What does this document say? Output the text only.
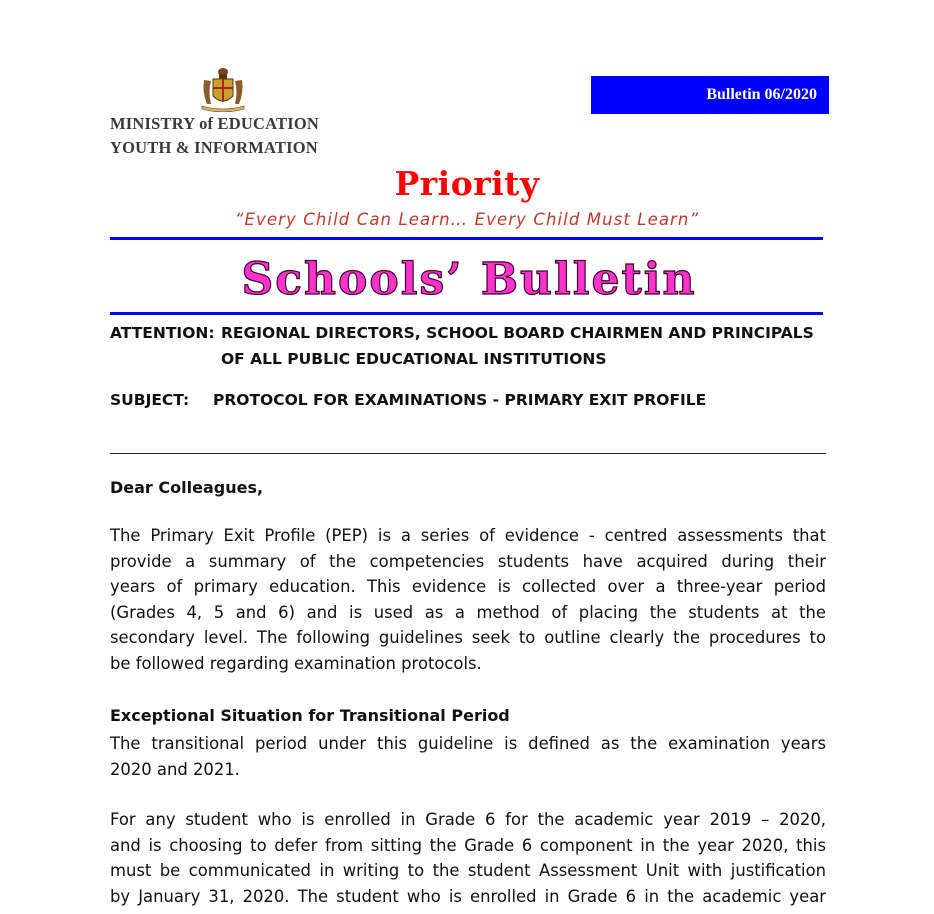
MINISTRY of EDUCATION
YOUTH & INFORMATION
Bulletin 06/2020
Priority
“Every Child Can Learn… Every Child Must Learn”
Schools’ Bulletin
ATTENTION: REGIONAL DIRECTORS, SCHOOL BOARD CHAIRMEN AND PRINCIPALS
OF ALL PUBLIC EDUCATIONAL INSTITUTIONS
SUBJECT: PROTOCOL FOR EXAMINATIONS - PRIMARY EXIT PROFILE
Dear Colleagues,
The Primary Exit Profile (PEP) is a series of evidence - centred assessments that
provide a summary of the competencies students have acquired during their
years of primary education. This evidence is collected over a three-year period
(Grades 4, 5 and 6) and is used as a method of placing the students at the
secondary level. The following guidelines seek to outline clearly the procedures to
be followed regarding examination protocols.
Exceptional Situation for Transitional Period
The transitional period under this guideline is defined as the examination years
2020 and 2021.
For any student who is enrolled in Grade 6 for the academic year 2019 – 2020,
and is choosing to defer from sitting the Grade 6 component in the year 2020, this
must be communicated in writing to the student Assessment Unit with justification
by January 31, 2020. The student who is enrolled in Grade 6 in the academic year
